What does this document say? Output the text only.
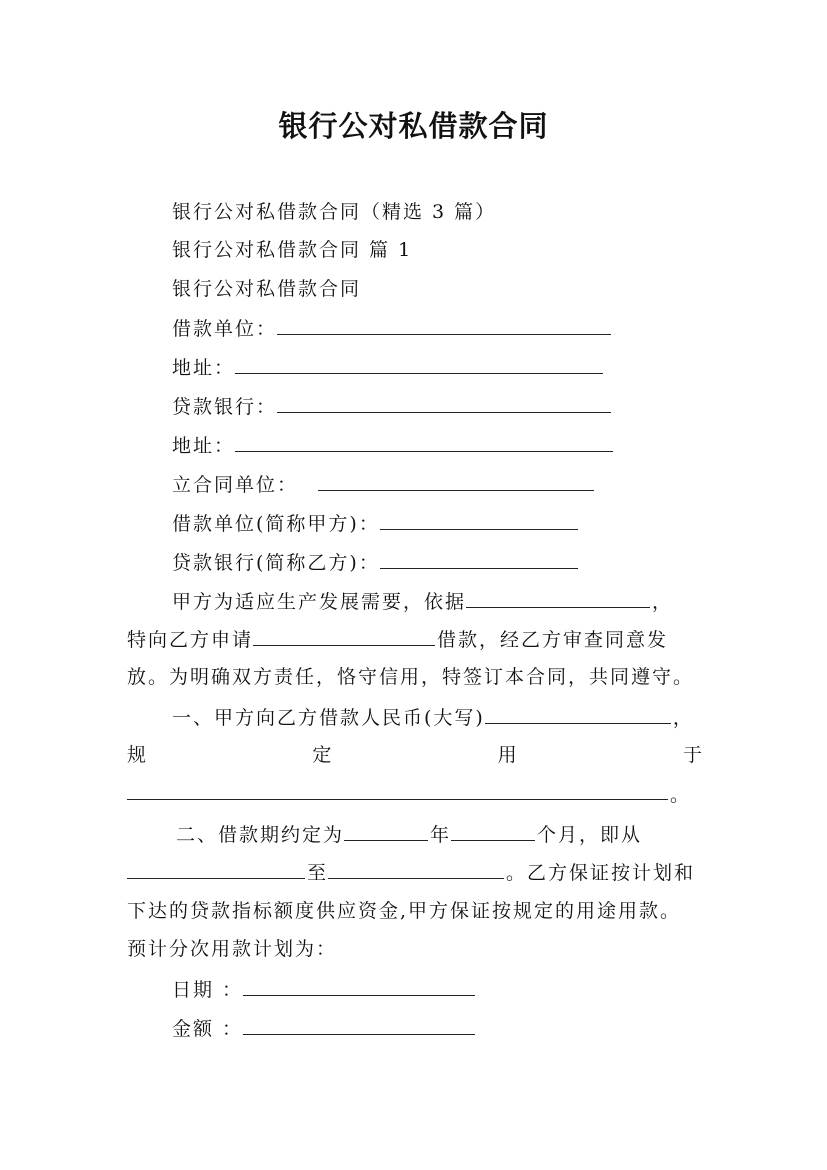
银行公对私借款合同
银行公对私借款合同（精选 3 篇）
银行公对私借款合同 篇 1
银行公对私借款合同
借款单位：
地址：
贷款银行：
地址：
立合同单位：
借款单位(简称甲方)：
贷款银行(简称乙方)：
甲方为适应生产发展需要，依据	，
特向乙方申请	借款，经乙方审查同意发
放。为明确双方责任，恪守信用，特签订本合同，共同遵守。
一、甲方向乙方借款人民币(大写)	，
规	定	用	于
。
二、借款期约定为	年	个月，即从
至	。乙方保证按计划和
下达的贷款指标额度供应资金,甲方保证按规定的用途用款。
预计分次用款计划为：
日期 ：
金额 ：
